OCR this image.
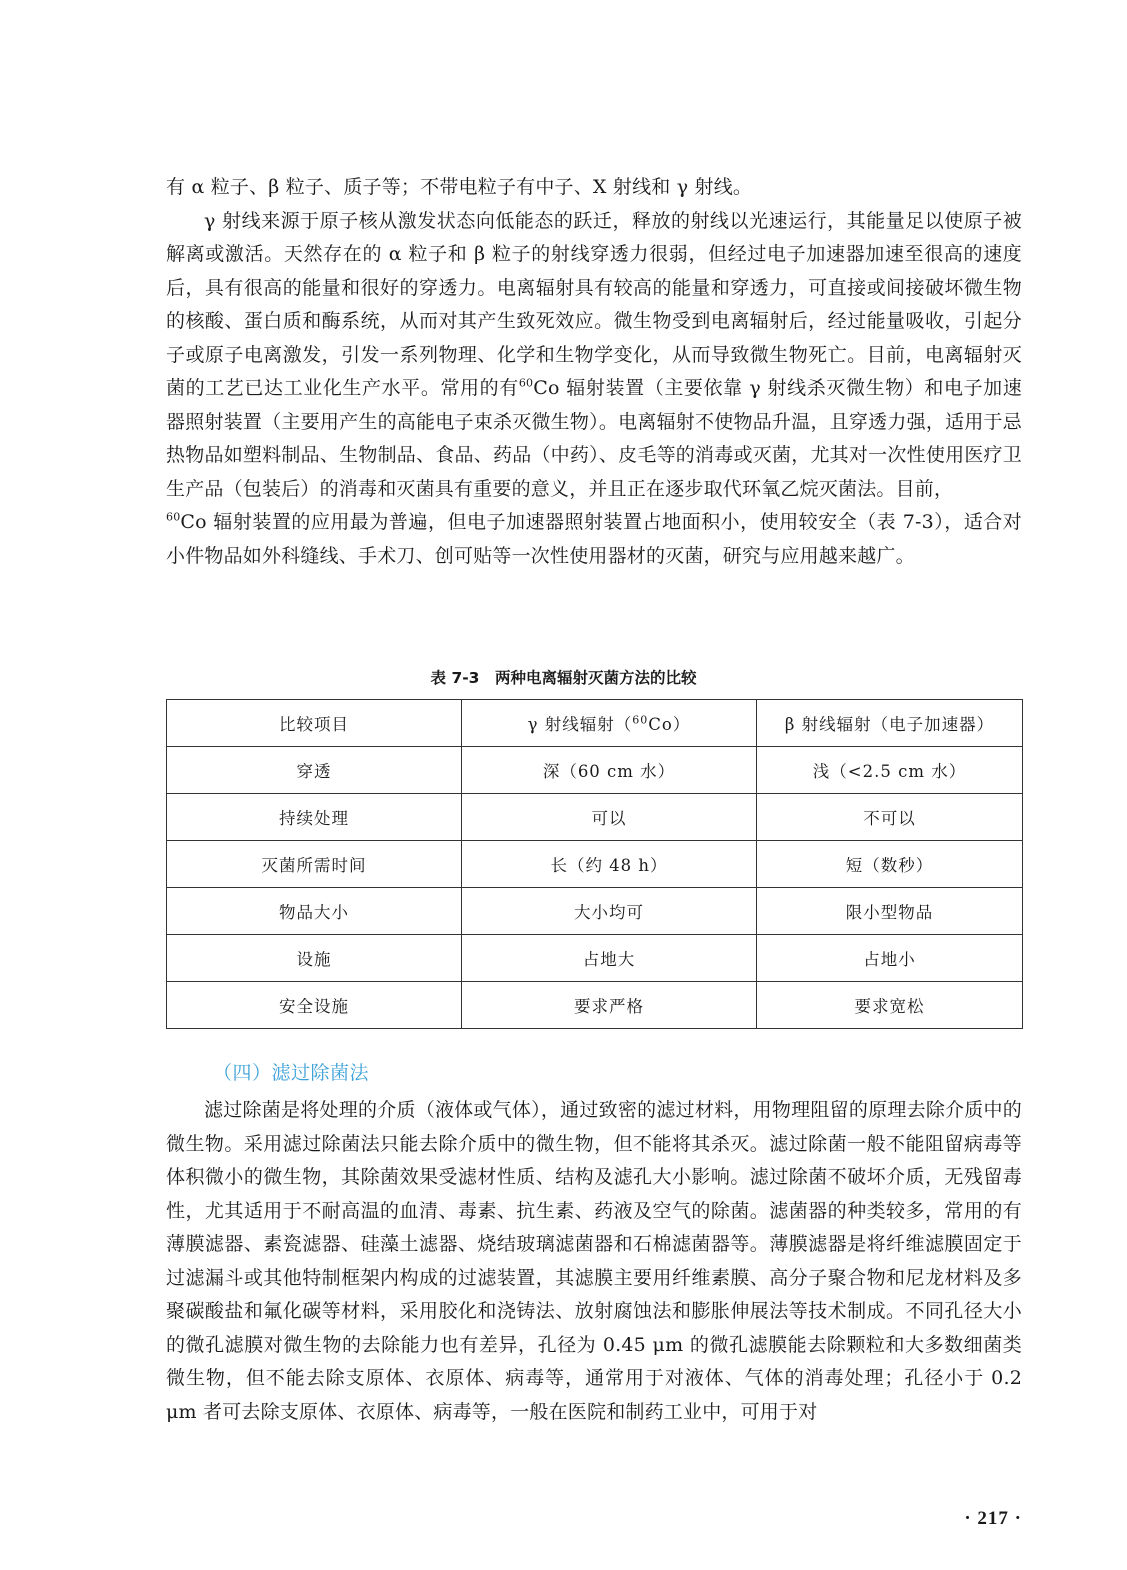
有 α 粒子、β 粒子、质子等；不带电粒子有中子、X 射线和 γ 射线。

γ 射线来源于原子核从激发状态向低能态的跃迁，释放的射线以光速运行，其能量足以使原子被解离或激活。天然存在的 α 粒子和 β 粒子的射线穿透力很弱，但经过电子加速器加速至很高的速度后，具有很高的能量和很好的穿透力。电离辐射具有较高的能量和穿透力，可直接或间接破坏微生物的核酸、蛋白质和酶系统，从而对其产生致死效应。微生物受到电离辐射后，经过能量吸收，引起分子或原子电离激发，引发一系列物理、化学和生物学变化，从而导致微生物死亡。目前，电离辐射灭菌的工艺已达工业化生产水平。常用的有$^{60}$Co 辐射装置（主要依靠 γ 射线杀灭微生物）和电子加速器照射装置（主要用产生的高能电子束杀灭微生物）。电离辐射不使物品升温，且穿透力强，适用于忌热物品如塑料制品、生物制品、食品、药品（中药）、皮毛等的消毒或灭菌，尤其对一次性使用医疗卫生产品（包装后）的消毒和灭菌具有重要的意义，并且正在逐步取代环氧乙烷灭菌法。目前，
$^{60}$Co 辐射装置的应用最为普遍，但电子加速器照射装置占地面积小，使用较安全（表 7-3），适合对小件物品如外科缝线、手术刀、创可贴等一次性使用器材的灭菌，研究与应用越来越广。

表 7-3　两种电离辐射灭菌方法的比较
比较项目	γ 射线辐射（$^{60}$Co）	β 射线辐射（电子加速器）
穿透	深（60 cm 水）	浅（<2.5 cm 水）
持续处理	可以	不可以
灭菌所需时间	长（约 48 h）	短（数秒）
物品大小	大小均可	限小型物品
设施	占地大	占地小
安全设施	要求严格	要求宽松
（四）滤过除菌法

滤过除菌是将处理的介质（液体或气体），通过致密的滤过材料，用物理阻留的原理去除介质中的微生物。采用滤过除菌法只能去除介质中的微生物，但不能将其杀灭。滤过除菌一般不能阻留病毒等体积微小的微生物，其除菌效果受滤材性质、结构及滤孔大小影响。滤过除菌不破坏介质，无残留毒性，尤其适用于不耐高温的血清、毒素、抗生素、药液及空气的除菌。滤菌器的种类较多，常用的有薄膜滤器、素瓷滤器、硅藻土滤器、烧结玻璃滤菌器和石棉滤菌器等。薄膜滤器是将纤维滤膜固定于过滤漏斗或其他特制框架内构成的过滤装置，其滤膜主要用纤维素膜、高分子聚合物和尼龙材料及多聚碳酸盐和氟化碳等材料，采用胶化和浇铸法、放射腐蚀法和膨胀伸展法等技术制成。不同孔径大小的微孔滤膜对微生物的去除能力也有差异，孔径为 0.45 μm 的微孔滤膜能去除颗粒和大多数细菌类微生物，但不能去除支原体、衣原体、病毒等，通常用于对液体、气体的消毒处理；孔径小于 0.2 μm 者可去除支原体、衣原体、病毒等，一般在医院和制药工业中，可用于对

· 217 ·
